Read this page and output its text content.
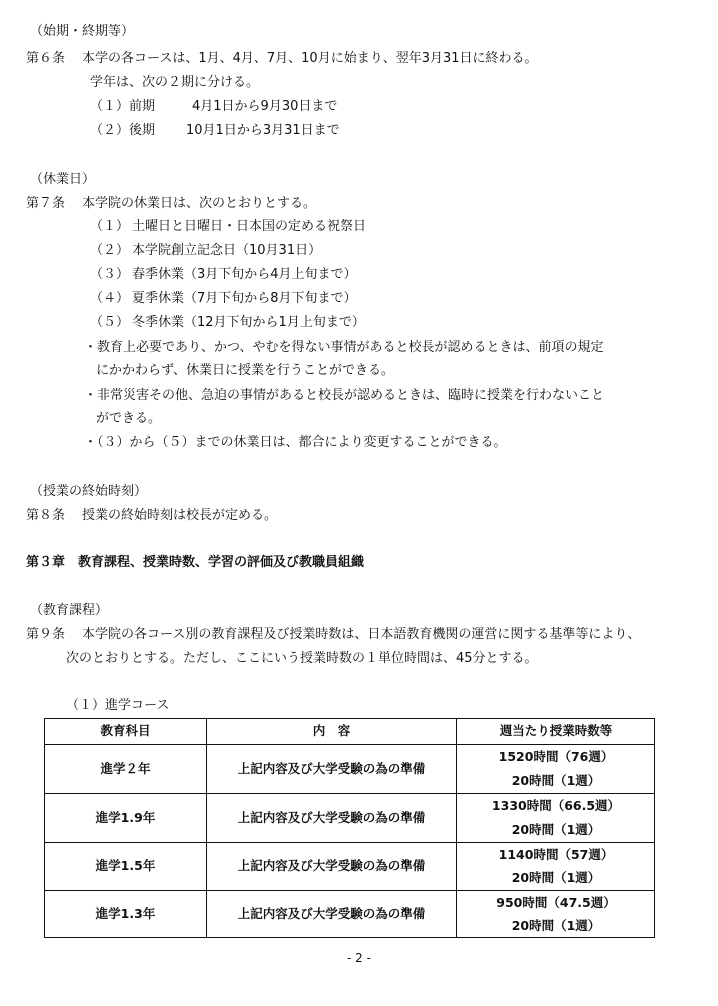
（始期・終期等）
第６条 本学の各コースは、1月、4月、7月、10月に始まり、翌年3月31日に終わる。
学年は、次の２期に分ける。
（１）前期	4月1日から9月30日まで
（２）後期 10月1日から3月31日まで
（休業日）
第７条 本学院の休業日は、次のとおりとする。
（１） 土曜日と日曜日・日本国の定める祝祭日
（２） 本学院創立記念日（10月31日）
（３） 春季休業（3月下旬から4月上旬まで）
（４） 夏季休業（7月下旬から8月下旬まで）
（５） 冬季休業（12月下旬から1月上旬まで）
・教育上必要であり、かつ、やむを得ない事情があると校長が認めるときは、前項の規定
にかかわらず、休業日に授業を行うことができる。
・非常災害その他、急迫の事情があると校長が認めるときは、臨時に授業を行わないこと
ができる。
・（３）から（５）までの休業日は、都合により変更することができる。
（授業の終始時刻）
第８条 授業の終始時刻は校長が定める。
第３章　教育課程、授業時数、学習の評価及び教職員組織
（教育課程）
第９条 本学院の各コース別の教育課程及び授業時数は、日本語教育機関の運営に関する基準等により、
次のとおりとする。ただし、ここにいう授業時数の１単位時間は、45分とする。
（１）進学コース
教育科目	内　容	週当たり授業時数等
進学２年	上記内容及び大学受験の為の準備
1520時間（76週）
20時間（1週）
進学1.9年	上記内容及び大学受験の為の準備
1330時間（66.5週）
20時間（1週）
進学1.5年	上記内容及び大学受験の為の準備
1140時間（57週）
20時間（1週）
進学1.3年	上記内容及び大学受験の為の準備
950時間（47.5週）
20時間（1週）
- 2 -
